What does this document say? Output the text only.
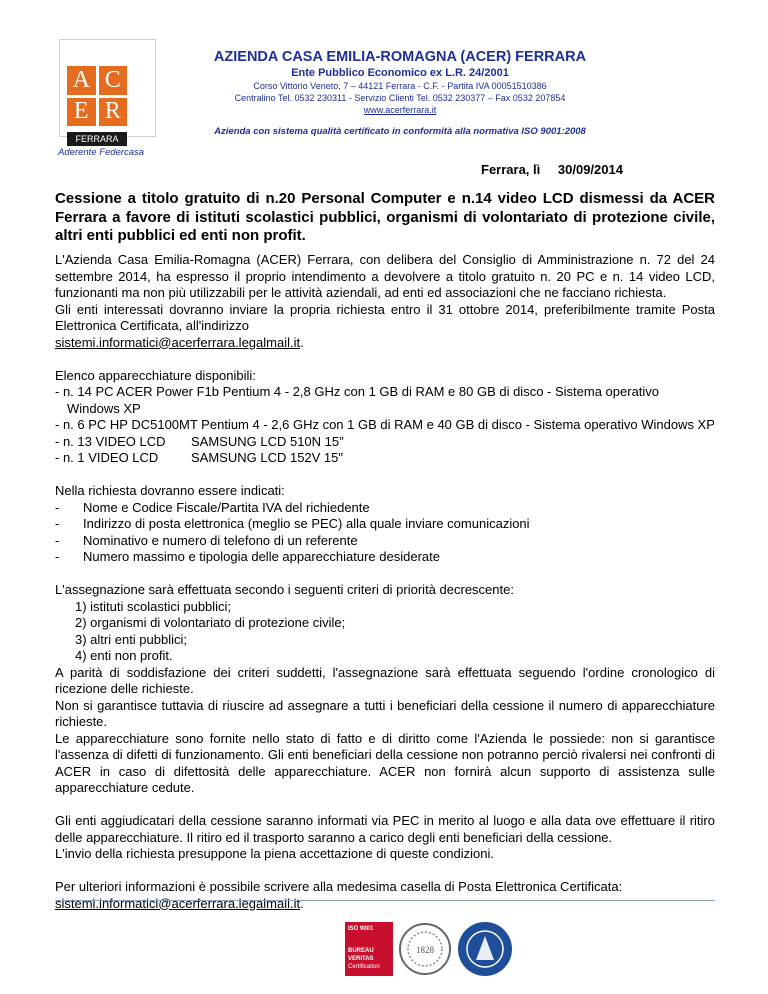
A C
E R
FERRARA
AZIENDA CASA EMILIA-ROMAGNA (ACER) FERRARA
Ente Pubblico Economico ex L.R. 24/2001
Corso Vittorio Veneto, 7 – 44121 Ferrara - C.F. - Partita IVA 00051510386
Centralino Tel. 0532 230311 - Servizio Clienti Tel. 0532 230377 – Fax 0532 207854
www.acerferrara.it
Azienda con sistema qualità certificato in conformità alla normativa ISO 9001:2008
Aderente Federcasa
Ferrara, lì 30/09/2014
Cessione a titolo gratuito di n.20 Personal Computer e n.14 video LCD dismessi da ACER Ferrara a favore di istituti scolastici pubblici, organismi di volontariato di protezione civile, altri enti pubblici ed enti non profit.

L'Azienda Casa Emilia-Romagna (ACER) Ferrara, con delibera del Consiglio di Amministrazione n. 72 del 24 settembre 2014, ha espresso il proprio intendimento a devolvere a titolo gratuito n. 20 PC e n. 14 video LCD, funzionanti ma non più utilizzabili per le attività aziendali, ad enti ed associazioni che ne facciano richiesta.

Gli enti interessati dovranno inviare la propria richiesta entro il 31 ottobre 2014, preferibilmente tramite Posta Elettronica Certificata, all'indirizzo

sistemi.informatici@acerferrara.legalmail.it.

Elenco apparecchiature disponibili:

- n. 14 PC ACER Power F1b Pentium 4 - 2,8 GHz con 1 GB di RAM e 80 GB di disco - Sistema operativo Windows XP
- n. 6 PC HP DC5100MT Pentium 4 - 2,6 GHz con 1 GB di RAM e 40 GB di disco - Sistema operativo Windows XP
- n. 13 VIDEO LCD SAMSUNG LCD 510N 15"
- n. 1 VIDEO LCD	SAMSUNG LCD 152V 15"

Nella richiesta dovranno essere indicati:

- Nome e Codice Fiscale/Partita IVA del richiedente
- Indirizzo di posta elettronica (meglio se PEC) alla quale inviare comunicazioni
- Nominativo e numero di telefono di un referente
- Numero massimo e tipologia delle apparecchiature desiderate

L'assegnazione sarà effettuata secondo i seguenti criteri di priorità decrescente:

1) istituti scolastici pubblici;
2) organismi di volontariato di protezione civile;
3) altri enti pubblici;
4) enti non profit.

A parità di soddisfazione dei criteri suddetti, l'assegnazione sarà effettuata seguendo l'ordine cronologico di ricezione delle richieste.

Non si garantisce tuttavia di riuscire ad assegnare a tutti i beneficiari della cessione il numero di apparecchiature richieste.

Le apparecchiature sono fornite nello stato di fatto e di diritto come l'Azienda le possiede: non si garantisce l'assenza di difetti di funzionamento. Gli enti beneficiari della cessione non potranno perciò rivalersi nei confronti di ACER in caso di difettosità delle apparecchiature. ACER non fornirà alcun supporto di assistenza sulle apparecchiature cedute.

Gli enti aggiudicatari della cessione saranno informati via PEC in merito al luogo e alla data ove effettuare il ritiro delle apparecchiature. Il ritiro ed il trasporto saranno a carico degli enti beneficiari della cessione.

L'invio della richiesta presuppone la piena accettazione di queste condizioni.

Per ulteriori informazioni è possibile scrivere alla medesima casella di Posta Elettronica Certificata:

sistemi.informatici@acerferrara.legalmail.it.

ISO 9001
BUREAU VERITAS
Certification
1828
